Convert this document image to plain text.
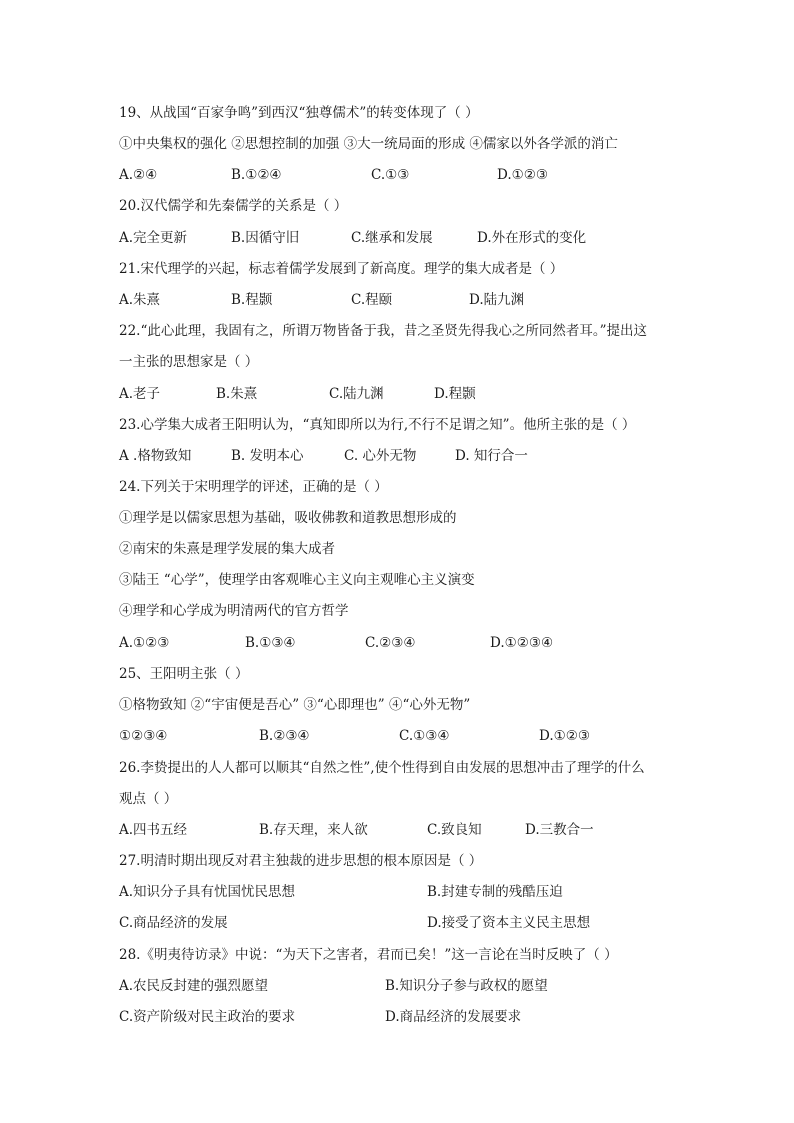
19、从战国“百家争鸣”到西汉“独尊儒术”的转变体现了（ ）
①中央集权的强化 ②思想控制的加强 ③大一统局面的形成 ④儒家以外各学派的消亡
A.②④	B.①②④	C.①③	D.①②③
20.汉代儒学和先秦儒学的关系是（ ）
A.完全更新	B.因循守旧	C.继承和发展	D.外在形式的变化
21.宋代理学的兴起，标志着儒学发展到了新高度。理学的集大成者是（ ）
A.朱熹	B.程颢	C.程颐	D.陆九渊
22.“此心此理，我固有之，所谓万物皆备于我，昔之圣贤先得我心之所同然者耳。”提出这
一主张的思想家是（ ）
A.老子	B.朱熹	C.陆九渊	D.程颢
23.心学集大成者王阳明认为，“真知即所以为行,不行不足谓之知”。他所主张的是（ ）
A .格物致知	B. 发明本心	C. 心外无物	D. 知行合一
24.下列关于宋明理学的评述，正确的是（ ）
①理学是以儒家思想为基础，吸收佛教和道教思想形成的
②南宋的朱熹是理学发展的集大成者
③陆王 “心学”，使理学由客观唯心主义向主观唯心主义演变
④理学和心学成为明清两代的官方哲学
A.①②③	B.①③④	C.②③④	D.①②③④
25、王阳明主张（ ）
①格物致知 ②“宇宙便是吾心” ③“心即理也” ④“心外无物”
①②③④	B.②③④	C.①③④	D.①②③
26.李贽提出的人人都可以顺其“自然之性”,使个性得到自由发展的思想冲击了理学的什么
观点（ ）
A.四书五经	B.存天理，来人欲	C.致良知	D.三教合一
27.明清时期出现反对君主独裁的进步思想的根本原因是（ ）
A.知识分子具有忧国忧民思想	B.封建专制的残酷压迫
C.商品经济的发展	D.接受了资本主义民主思想
28.《明夷待访录》中说：“为天下之害者，君而已矣！”这一言论在当时反映了（ ）
A.农民反封建的强烈愿望	B.知识分子参与政权的愿望
C.资产阶级对民主政治的要求	D.商品经济的发展要求
